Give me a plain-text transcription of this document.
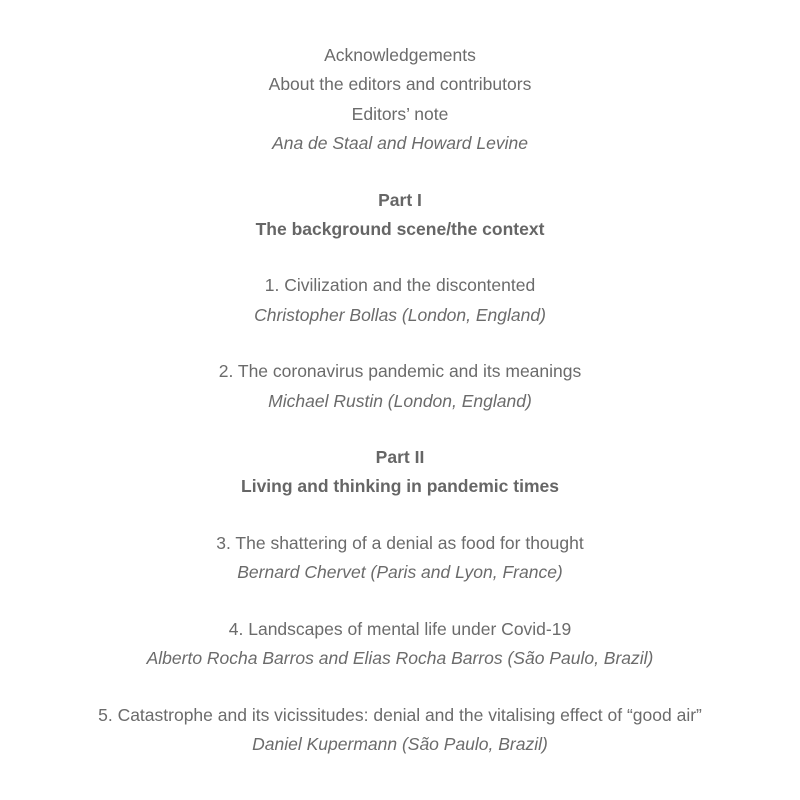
Acknowledgements
About the editors and contributors
Editors’ note
Ana de Staal and Howard Levine
Part I
The background scene/the context
1. Civilization and the discontented
Christopher Bollas (London, England)
2. The coronavirus pandemic and its meanings
Michael Rustin (London, England)
Part II
Living and thinking in pandemic times
3. The shattering of a denial as food for thought
Bernard Chervet (Paris and Lyon, France)
4. Landscapes of mental life under Covid-19
Alberto Rocha Barros and Elias Rocha Barros (São Paulo, Brazil)
5. Catastrophe and its vicissitudes: denial and the vitalising effect of “good air”
Daniel Kupermann (São Paulo, Brazil)
